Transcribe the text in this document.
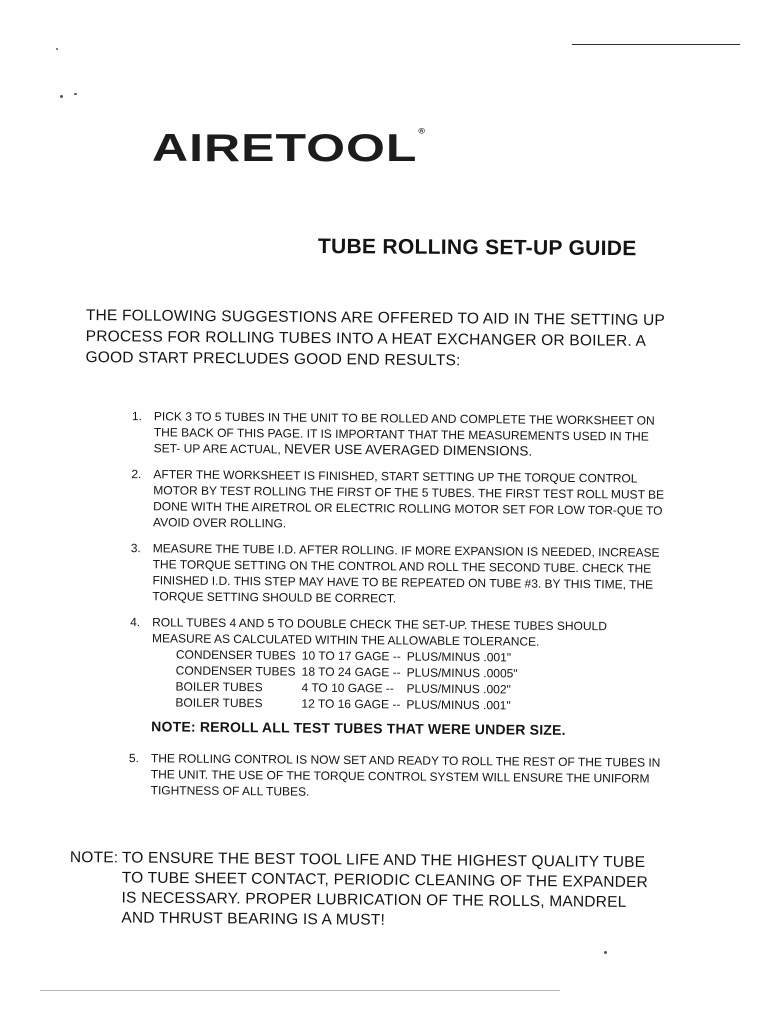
AIRETOOL®
TUBE ROLLING SET-UP GUIDE
THE FOLLOWING SUGGESTIONS ARE OFFERED TO AID IN THE SETTING UP PROCESS FOR ROLLING TUBES INTO A HEAT EXCHANGER OR BOILER. A GOOD START PRECLUDES GOOD END RESULTS:
1. PICK 3 TO 5 TUBES IN THE UNIT TO BE ROLLED AND COMPLETE THE WORKSHEET ON THE BACK OF THIS PAGE. IT IS IMPORTANT THAT THE MEASUREMENTS USED IN THE SET- UP ARE ACTUAL, NEVER USE AVERAGED DIMENSIONS.
2. AFTER THE WORKSHEET IS FINISHED, START SETTING UP THE TORQUE CONTROL MOTOR BY TEST ROLLING THE FIRST OF THE 5 TUBES. THE FIRST TEST ROLL MUST BE DONE WITH THE AIRETROL OR ELECTRIC ROLLING MOTOR SET FOR LOW TOR-QUE TO AVOID OVER ROLLING.
3. MEASURE THE TUBE I.D. AFTER ROLLING. IF MORE EXPANSION IS NEEDED, INCREASE THE TORQUE SETTING ON THE CONTROL AND ROLL THE SECOND TUBE. CHECK THE FINISHED I.D. THIS STEP MAY HAVE TO BE REPEATED ON TUBE #3. BY THIS TIME, THE TORQUE SETTING SHOULD BE CORRECT.
4. ROLL TUBES 4 AND 5 TO DOUBLE CHECK THE SET-UP. THESE TUBES SHOULD MEASURE AS CALCULATED WITHIN THE ALLOWABLE TOLERANCE.
CONDENSER TUBES	10 TO 17 GAGE --	PLUS/MINUS .001"
CONDENSER TUBES	18 TO 24 GAGE --	PLUS/MINUS .0005"
BOILER TUBES	4 TO 10 GAGE --	PLUS/MINUS .002"
BOILER TUBES	12 TO 16 GAGE --	PLUS/MINUS .001"
NOTE: REROLL ALL TEST TUBES THAT WERE UNDER SIZE.
5. THE ROLLING CONTROL IS NOW SET AND READY TO ROLL THE REST OF THE TUBES IN THE UNIT. THE USE OF THE TORQUE CONTROL SYSTEM WILL ENSURE THE UNIFORM TIGHTNESS OF ALL TUBES.
NOTE: TO ENSURE THE BEST TOOL LIFE AND THE HIGHEST QUALITY TUBE TO TUBE SHEET CONTACT, PERIODIC CLEANING OF THE EXPANDER IS NECESSARY. PROPER LUBRICATION OF THE ROLLS, MANDREL AND THRUST BEARING IS A MUST!
